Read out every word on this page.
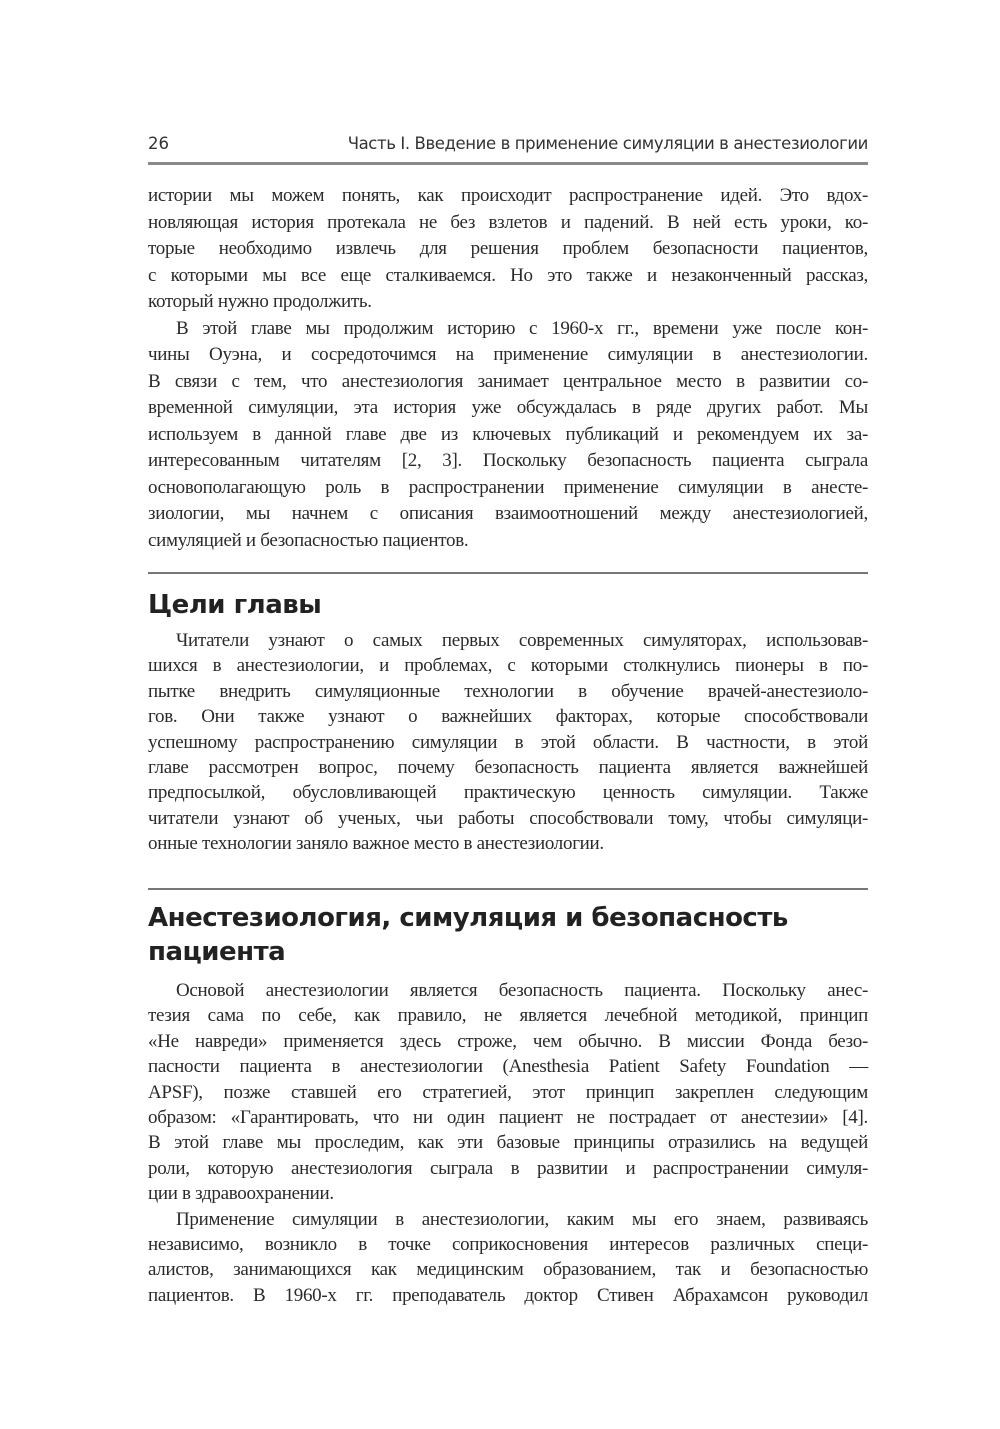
26	Часть I. Введение в применение симуляции в анестезиологии
истории мы можем понять, как происходит распространение идей. Это вдох-
новляющая история протекала не без взлетов и падений. В ней есть уроки, ко-
торые необходимо извлечь для решения проблем безопасности пациентов,
с которыми мы все еще сталкиваемся. Но это также и незаконченный рассказ,
который нужно продолжить.
В этой главе мы продолжим историю с 1960-х гг., времени уже после кон-
чины Оуэна, и сосредоточимся на применение симуляции в анестезиологии.
В связи с тем, что анестезиология занимает центральное место в развитии со-
временной симуляции, эта история уже обсуждалась в ряде других работ. Мы
используем в данной главе две из ключевых публикаций и рекомендуем их за-
интересованным читателям [2, 3]. Поскольку безопасность пациента сыграла
основополагающую роль в распространении применение симуляции в анесте-
зиологии, мы начнем с описания взаимоотношений между анестезиологией,
симуляцией и безопасностью пациентов.
Цели главы
Читатели узнают о самых первых современных симуляторах, использовав-
шихся в анестезиологии, и проблемах, с которыми столкнулись пионеры в по-
пытке внедрить симуляционные технологии в обучение врачей-анестезиоло-
гов. Они также узнают о важнейших факторах, которые способствовали
успешному распространению симуляции в этой области. В частности, в этой
главе рассмотрен вопрос, почему безопасность пациента является важнейшей
предпосылкой, обусловливающей практическую ценность симуляции. Также
читатели узнают об ученых, чьи работы способствовали тому, чтобы симуляци-
онные технологии заняло важное место в анестезиологии.
Анестезиология, симуляция и безопасность
пациента
Основой анестезиологии является безопасность пациента. Поскольку анес-
тезия сама по себе, как правило, не является лечебной методикой, принцип
«Не навреди» применяется здесь строже, чем обычно. В миссии Фонда безо-
пасности пациента в анестезиологии (Anesthesia Patient Safety Foundation —
APSF), позже ставшей его стратегией, этот принцип закреплен следующим
образом: «Гарантировать, что ни один пациент не пострадает от анестезии» [4].
В этой главе мы проследим, как эти базовые принципы отразились на ведущей
роли, которую анестезиология сыграла в развитии и распространении симуля-
ции в здравоохранении.
Применение симуляции в анестезиологии, каким мы его знаем, развиваясь
независимо, возникло в точке соприкосновения интересов различных специ-
алистов, занимающихся как медицинским образованием, так и безопасностью
пациентов. В 1960-х гг. преподаватель доктор Стивен Абрахамсон руководил
